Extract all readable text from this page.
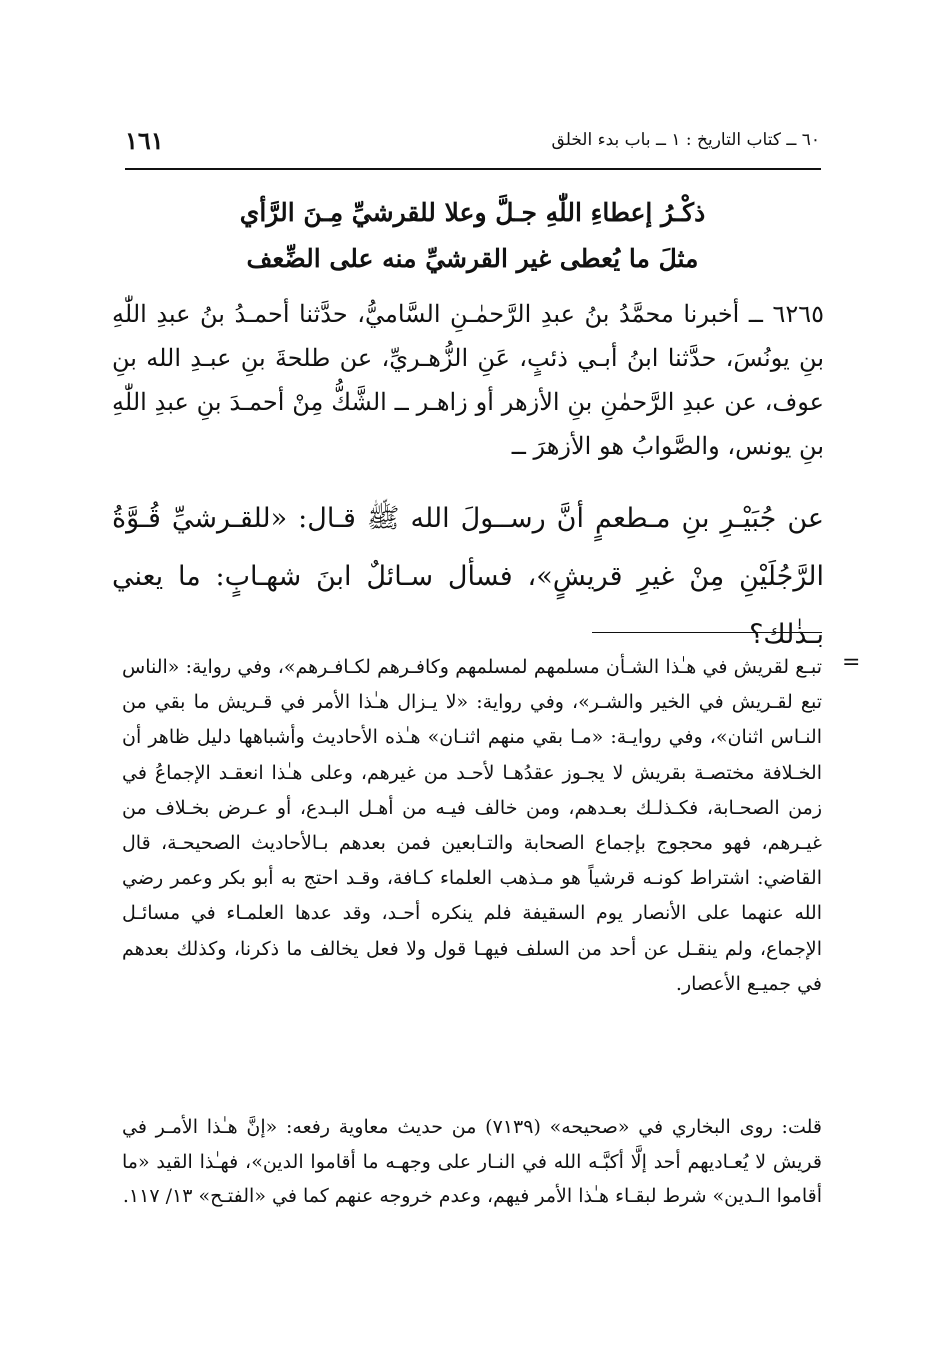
٦٠ ــ كتاب التاريخ : ١ ــ باب بدء الخلق
١٦١
ذكْـرُ إعطاءِ اللّٰهِ جـلَّ وعلا للقرشيِّ مِـنَ الرَّأي
مثلَ ما يُعطى غير القرشيِّ منه على الضِّعف
٦٢٦٥ ــ أخبرنا محمَّدُ بنُ عبدِ الرَّحمٰـنِ السَّاميُّ، حدَّثنا أحمـدُ بنُ عبدِ اللّٰهِ بنِ يونُسَ، حدَّثنا ابنُ أبـي ذئبٍ، عَنِ الزُّهـريِّ، عن طلحةَ بنِ عبـدِ الله بنِ عوف، عن عبدِ الرَّحمٰنِ بنِ الأزهر أو زاهـر ــ الشَّكُّ مِنْ أحمـدَ بنِ عبدِ اللّٰهِ بنِ يونس، والصَّوابُ هو الأزهرَ ــ
عن جُبَيْـرِ بنِ مـطعمٍ أنَّ رســولَ الله ﷺ قـال: «للقـرشيِّ قُـوَّةُ الرَّجُلَيْنِ مِنْ غيرِ قريشٍ»، فسأل سـائلٌ ابنَ شهـابٍ: ما يعني بـذٰلك؟
=

تبـع لقريش في هـٰذا الشـأن مسلمهم لمسلمهم وكافـرهم لكـافـرهم»، وفي رواية: «الناس تبع لقـريش في الخير والشـر»، وفي رواية: «لا يـزال هـٰذا الأمر في قـريش ما بقي من النـاس اثنان»، وفي روايـة: «مـا بقي منهم اثنـان» هـٰذه الأحاديث وأشباهها دليل ظاهر أن الخـلافة مختصـة بقريش لا يجـوز عقدُهـا لأحـد من غيرهم، وعلى هـٰذا انعقـد الإجماعُ في زمن الصحـابة، فكـذلـك بعـدهم، ومن خالف فيـه من أهـل البـدع، أو عـرض بخـلاف من غيـرهم، فهو محجوج بإجماع الصحابة والتـابعين فمن بعدهم بـالأحاديث الصحيحـة، قال القاضي: اشتراط كونـه قرشياً هو مـذهب العلماء كـافة، وقـد احتج به أبو بكر وعمر رضي الله عنهما على الأنصار يوم السقيفة فلم ينكره أحـد، وقد عدها العلمـاء في مسائـل الإجماع، ولم ينقـل عن أحد من السلف فيهـا قول ولا فعل يخالف ما ذكرنا، وكذلك بعدهم في جميـع الأعصار.

قلت: روى البخاري في «صحيحه» (٧١٣٩) من حديث معاوية رفعه: «إنَّ هـٰذا الأمـر في قريش لا يُعـاديهم أحد إلَّا أكبَّـه الله في النـار على وجهـه ما أقاموا الدين»، فهـٰذا القيد «ما أقاموا الـدين» شرط لبقـاء هـٰذا الأمر فيهم، وعدم خروجه عنهم كما في «الفتـح» ١٣/ ١١٧.
